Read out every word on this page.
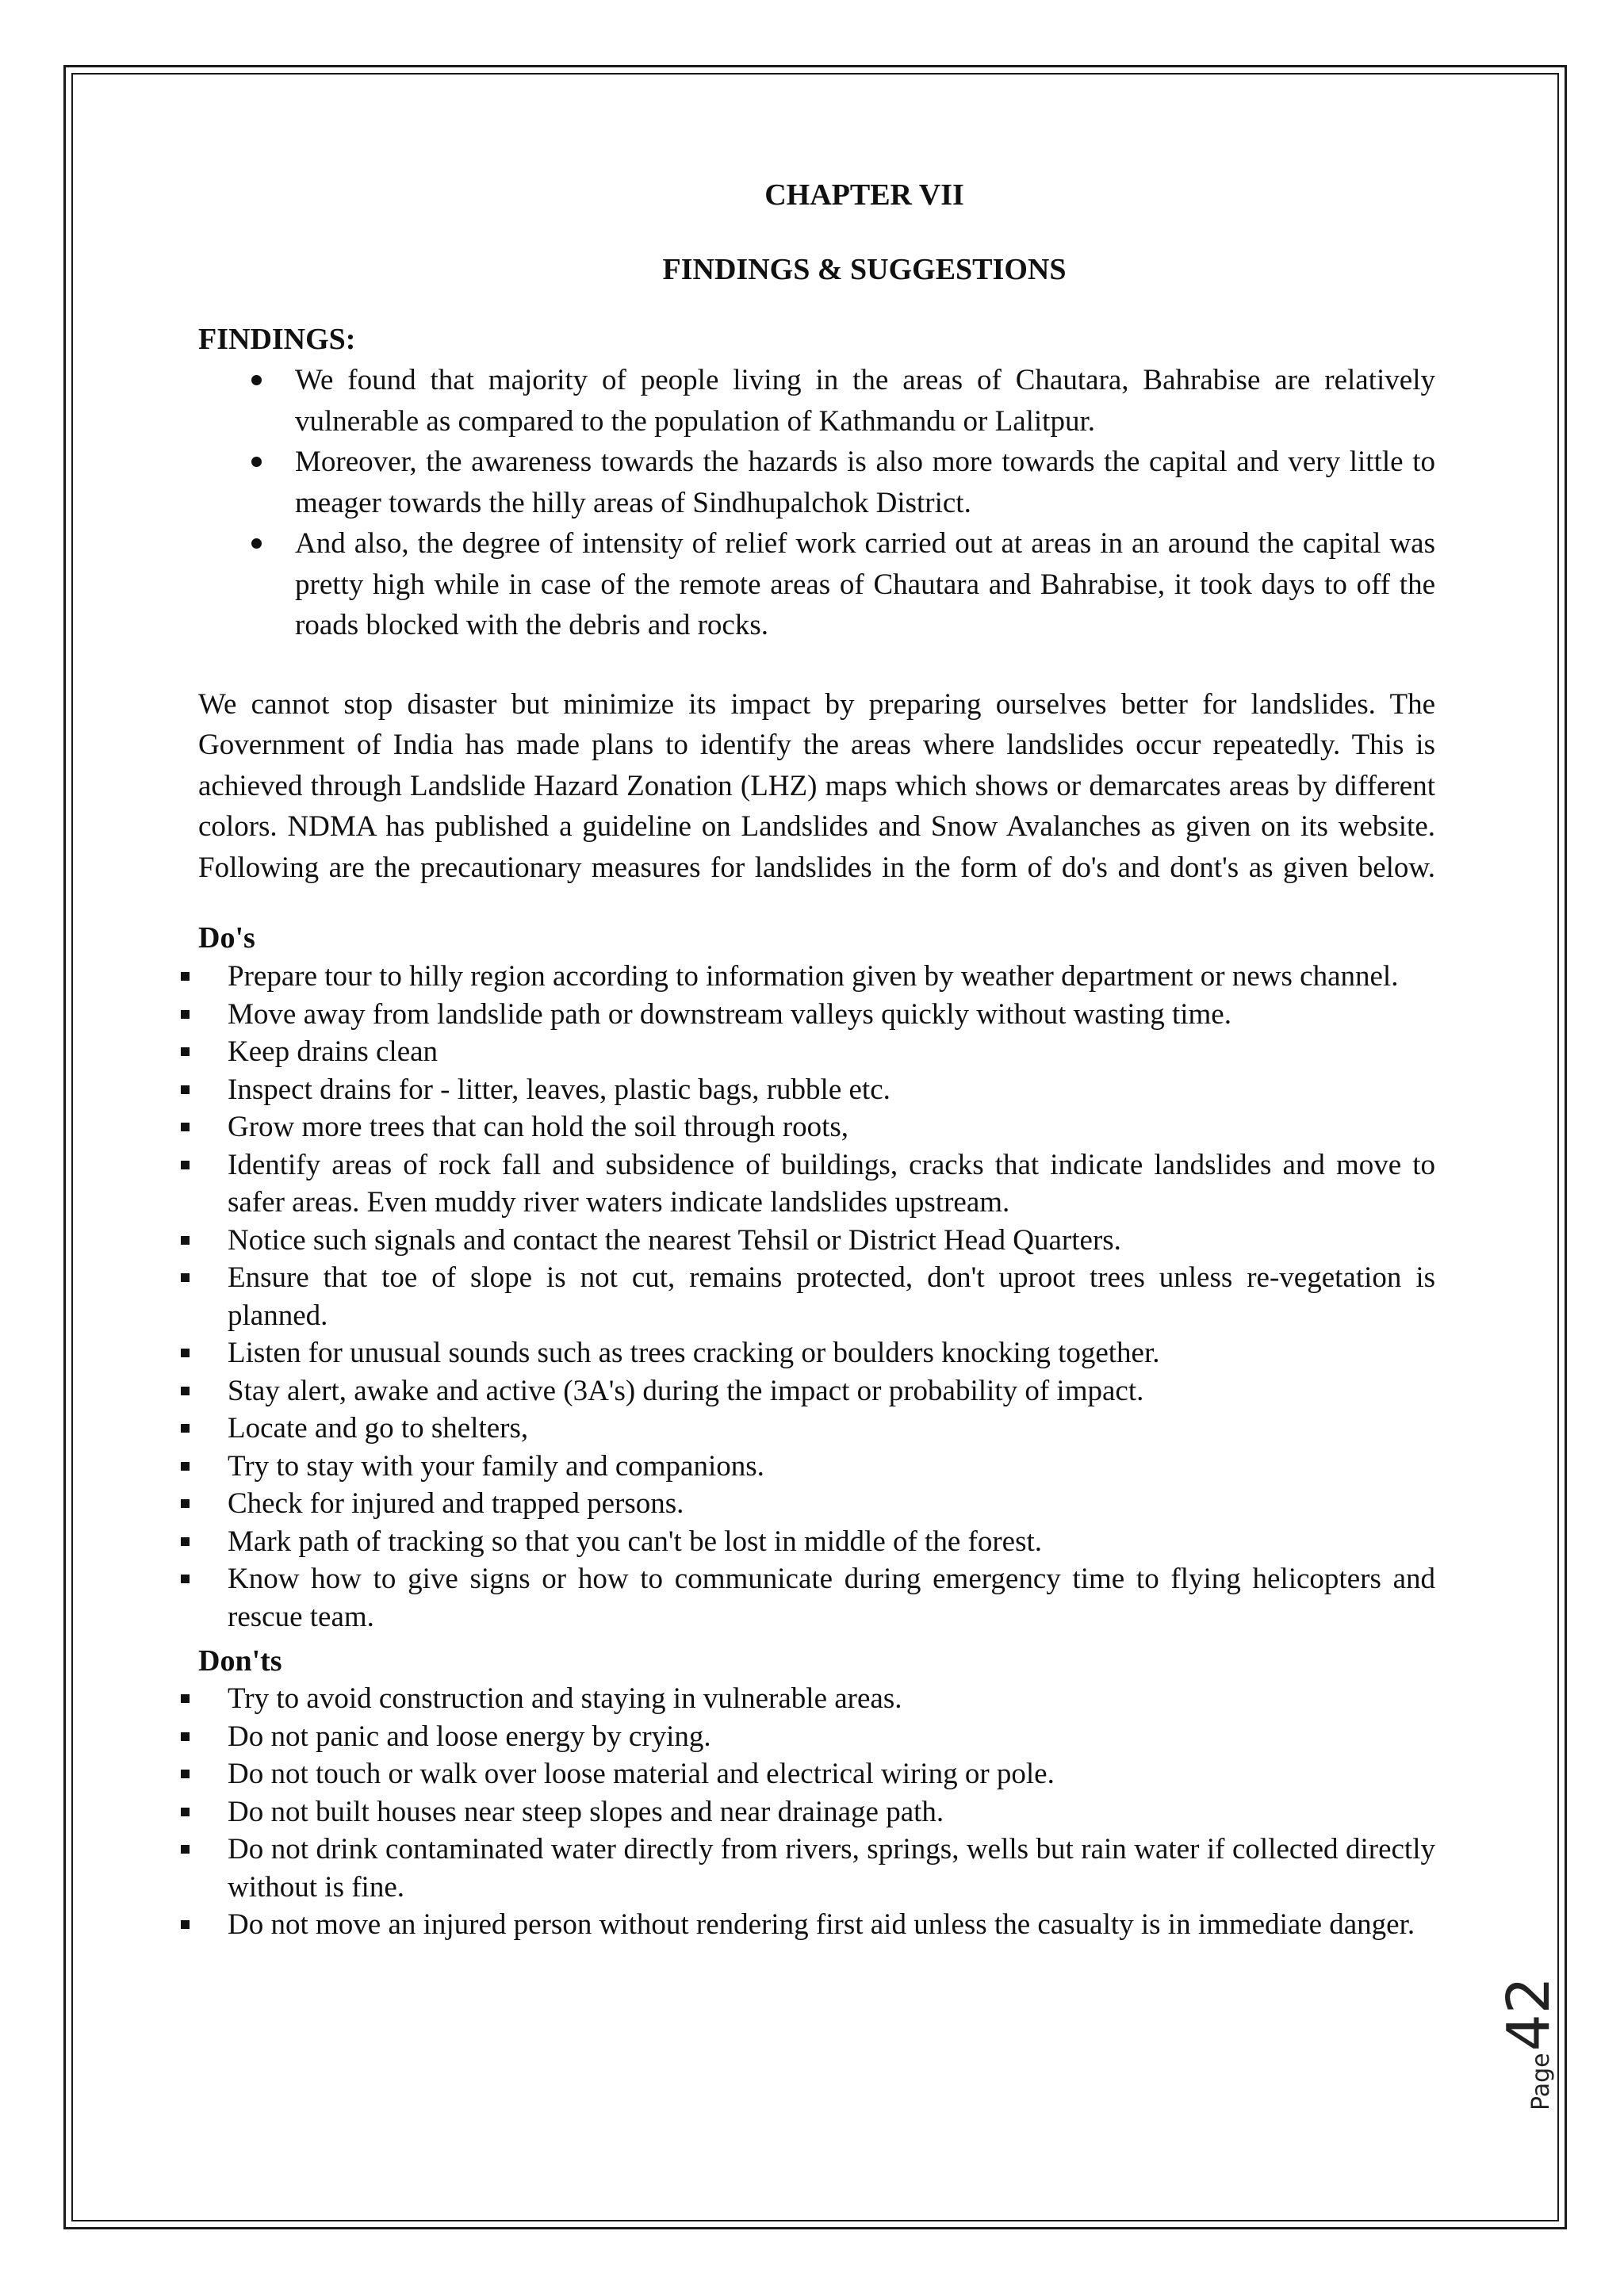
CHAPTER VII

FINDINGS & SUGGESTIONS

FINDINGS:

We found that majority of people living in the areas of Chautara, Bahrabise are relatively vulnerable as compared to the population of Kathmandu or Lalitpur.
Moreover, the awareness towards the hazards is also more towards the capital and very little to meager towards the hilly areas of Sindhupalchok District.
And also, the degree of intensity of relief work carried out at areas in an around the capital was pretty high while in case of the remote areas of Chautara and Bahrabise, it took days to off the roads blocked with the debris and rocks.

We cannot stop disaster but minimize its impact by preparing ourselves better for landslides. The Government of India has made plans to identify the areas where landslides occur repeatedly. This is achieved through Landslide Hazard Zonation (LHZ) maps which shows or demarcates areas by different colors. NDMA has published a guideline on Landslides and Snow Avalanches as given on its website. Following are the precautionary measures for landslides in the form of do's and dont's as given below.

Do's

Prepare tour to hilly region according to information given by weather department or news channel.
Move away from landslide path or downstream valleys quickly without wasting time.
Keep drains clean
Inspect drains for - litter, leaves, plastic bags, rubble etc.
Grow more trees that can hold the soil through roots,
Identify areas of rock fall and subsidence of buildings, cracks that indicate landslides and move to safer areas. Even muddy river waters indicate landslides upstream.
Notice such signals and contact the nearest Tehsil or District Head Quarters.
Ensure that toe of slope is not cut, remains protected, don't uproot trees unless re-vegetation is planned.
Listen for unusual sounds such as trees cracking or boulders knocking together.
Stay alert, awake and active (3A's) during the impact or probability of impact.
Locate and go to shelters,
Try to stay with your family and companions.
Check for injured and trapped persons.
Mark path of tracking so that you can't be lost in middle of the forest.
Know how to give signs or how to communicate during emergency time to flying helicopters and rescue team.

Don'ts

Try to avoid construction and staying in vulnerable areas.
Do not panic and loose energy by crying.
Do not touch or walk over loose material and electrical wiring or pole.
Do not built houses near steep slopes and near drainage path.
Do not drink contaminated water directly from rivers, springs, wells but rain water if collected directly without is fine.
Do not move an injured person without rendering first aid unless the casualty is in immediate danger.
Page42
